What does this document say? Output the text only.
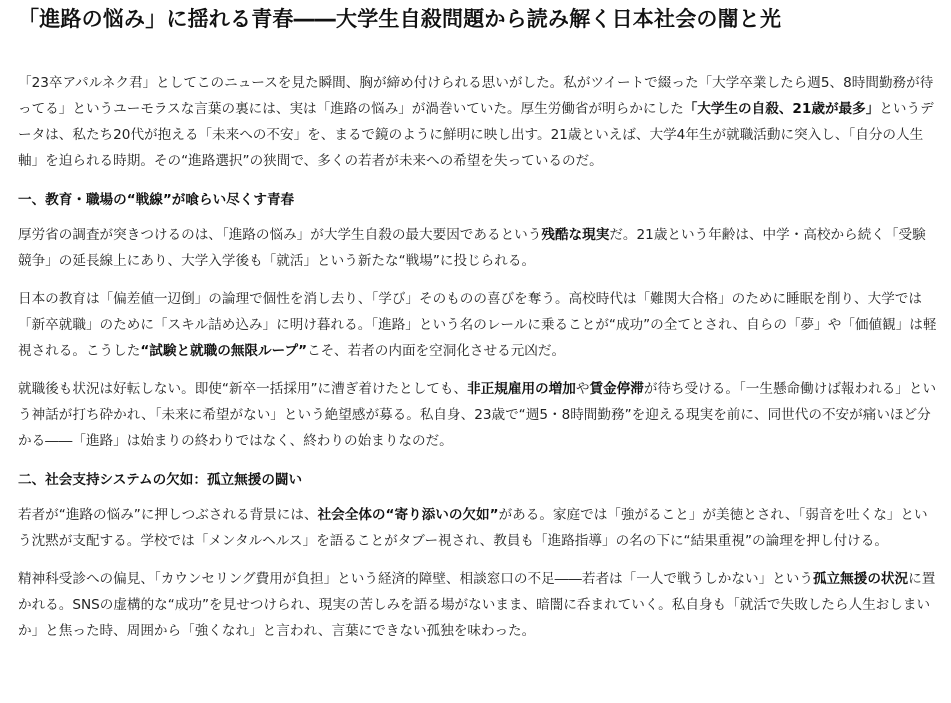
「進路の悩み」に揺れる青春――大学生自殺問題から読み解く日本社会の闇と光

「23卒アパルネク君」としてこのニュースを見た瞬間、胸が締め付けられる思いがした。私がツイートで綴った「大学卒業したら週5、8時間勤務が待ってる」というユーモラスな言葉の裏には、実は「進路の悩み」が渦巻いていた。厚生労働省が明らかにした「大学生の自殺、21歳が最多」というデータは、私たち20代が抱える「未来への不安」を、まるで鏡のように鮮明に映し出す。21歳といえば、大学4年生が就職活動に突入し、「自分の人生軸」を迫られる時期。その“進路選択”の狭間で、多くの若者が未来への希望を失っているのだ。

一、教育・職場の“戦線”が喰らい尽くす青春

厚労省の調査が突きつけるのは、「進路の悩み」が大学生自殺の最大要因であるという残酷な現実だ。21歳という年齢は、中学・高校から続く「受験競争」の延長線上にあり、大学入学後も「就活」という新たな“戦場”に投じられる。

日本の教育は「偏差値一辺倒」の論理で個性を消し去り、「学び」そのものの喜びを奪う。高校時代は「難関大合格」のために睡眠を削り、大学では「新卒就職」のために「スキル詰め込み」に明け暮れる。「進路」という名のレールに乗ることが“成功”の全てとされ、自らの「夢」や「価値観」は軽視される。こうした“試験と就職の無限ループ”こそ、若者の内面を空洞化させる元凶だ。

就職後も状況は好転しない。即使“新卒一括採用”に漕ぎ着けたとしても、非正規雇用の増加や賃金停滞が待ち受ける。「一生懸命働けば報われる」という神話が打ち砕かれ、「未来に希望がない」という絶望感が募る。私自身、23歳で“週5・8時間勤務”を迎える現実を前に、同世代の不安が痛いほど分かる――「進路」は始まりの終わりではなく、終わりの始まりなのだ。

二、社会支持システムの欠如：孤立無援の闘い

若者が“進路の悩み”に押しつぶされる背景には、社会全体の“寄り添いの欠如”がある。家庭では「強がること」が美徳とされ、「弱音を吐くな」という沈黙が支配する。学校では「メンタルヘルス」を語ることがタブー視され、教員も「進路指導」の名の下に“結果重視”の論理を押し付ける。

精神科受診への偏見、「カウンセリング費用が負担」という経済的障壁、相談窓口の不足――若者は「一人で戦うしかない」という孤立無援の状況に置かれる。SNSの虚構的な“成功”を見せつけられ、現実の苦しみを語る場がないまま、暗闇に呑まれていく。私自身も「就活で失敗したら人生おしまいか」と焦った時、周囲から「強くなれ」と言われ、言葉にできない孤独を味わった。
